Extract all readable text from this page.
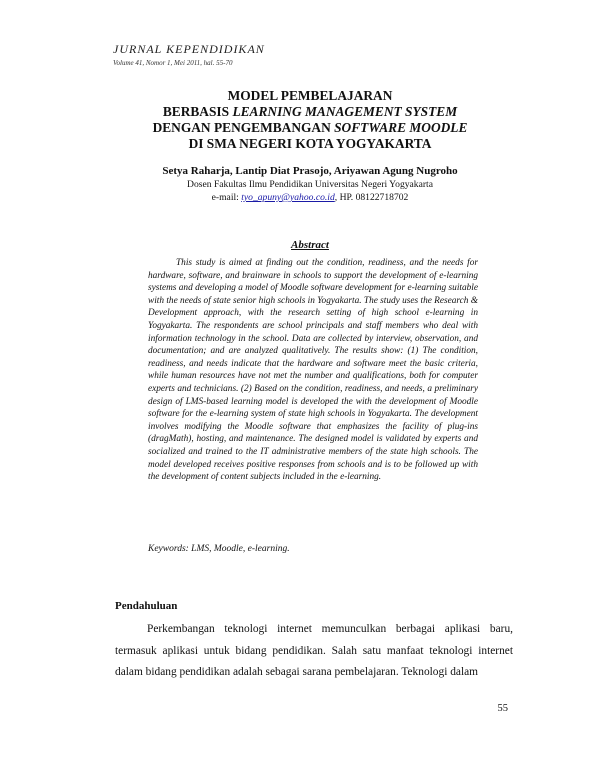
JURNAL KEPENDIDIKAN
Volume 41, Nomor 1, Mei 2011, hal. 55-70
MODEL PEMBELAJARAN
BERBASIS LEARNING MANAGEMENT SYSTEM
DENGAN PENGEMBANGAN SOFTWARE MOODLE
DI SMA NEGERI KOTA YOGYAKARTA
Setya Raharja, Lantip Diat Prasojo, Ariyawan Agung Nugroho
Dosen Fakultas Ilmu Pendidikan Universitas Negeri Yogyakarta
e-mail: tyo_apuny@yahoo.co.id, HP. 08122718702
Abstract

This study is aimed at finding out the condition, readiness, and the needs for hardware, software, and brainware in schools to support the development of e-learning systems and developing a model of Moodle software development for e-learning suitable with the needs of state senior high schools in Yogyakarta. The study uses the Research & Development approach, with the research setting of high school e-learning in Yogyakarta. The respondents are school principals and staff members who deal with information technology in the school. Data are collected by interview, observation, and documentation; and are analyzed qualitatively. The results show: (1) The condition, readiness, and needs indicate that the hardware and software meet the basic criteria, while human resources have not met the number and qualifications, both for computer experts and technicians. (2) Based on the condition, readiness, and needs, a preliminary design of LMS-based learning model is developed the with the development of Moodle software for the e-learning system of state high schools in Yogyakarta. The development involves modifying the Moodle software that emphasizes the facility of plug-ins (dragMath), hosting, and maintenance. The designed model is validated by experts and socialized and trained to the IT administrative members of the state high schools. The model developed receives positive responses from schools and is to be followed up with the development of content subjects included in the e-learning.

Keywords: LMS, Moodle, e-learning.
Pendahuluan

Perkembangan teknologi internet memunculkan berbagai aplikasi baru, termasuk aplikasi untuk bidang pendidikan. Salah satu manfaat teknologi internet dalam bidang pendidikan adalah sebagai sarana pembelajaran. Teknologi dalam

55
